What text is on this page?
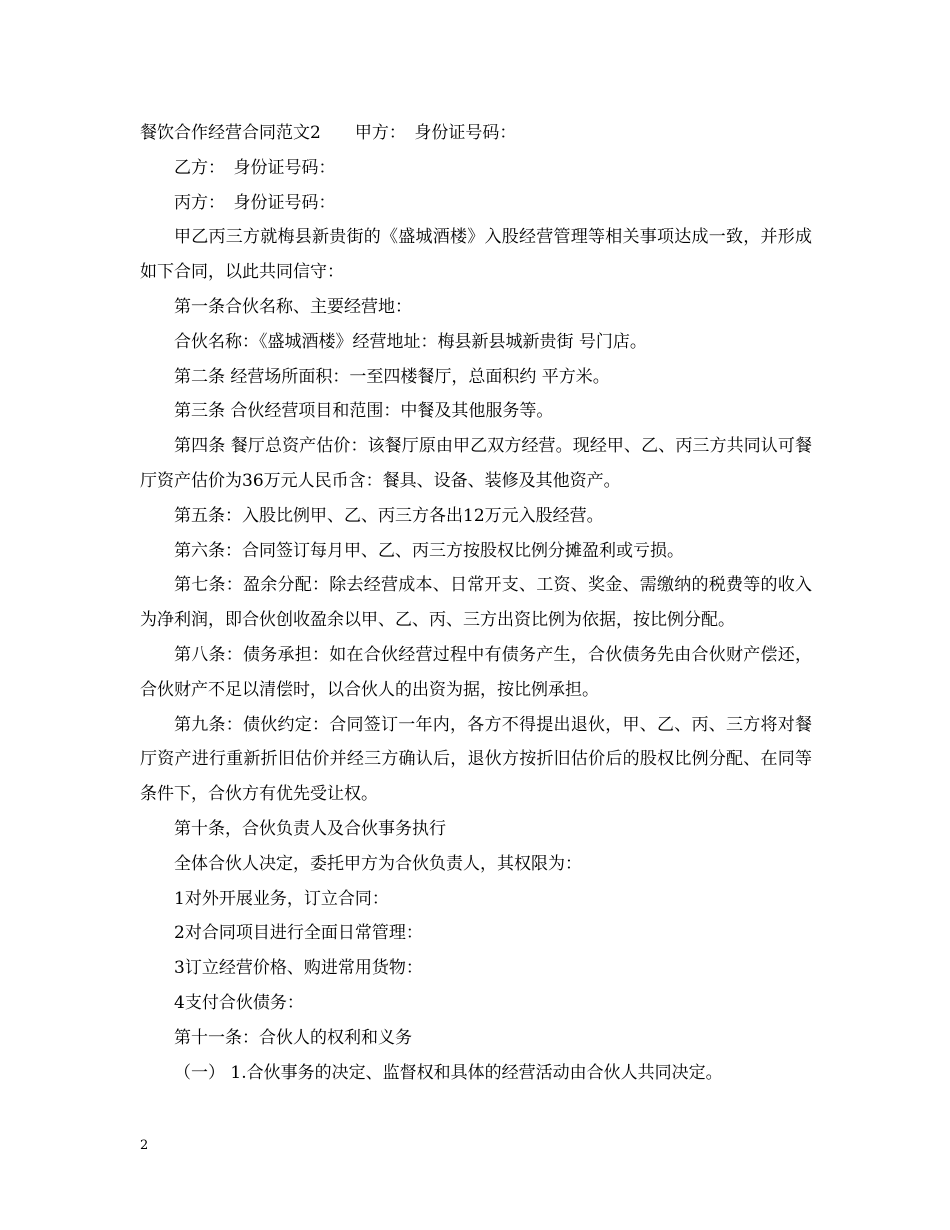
餐饮合作经营合同范文2　　甲方：　身份证号码：

乙方：　身份证号码：

丙方：　身份证号码：

甲乙丙三方就梅县新贵街的《盛城酒楼》入股经营管理等相关事项达成一致，并形成如下合同，以此共同信守：

第一条合伙名称、主要经营地：

合伙名称：《盛城酒楼》经营地址：梅县新县城新贵街 号门店。

第二条 经营场所面积：一至四楼餐厅，总面积约 平方米。

第三条 合伙经营项目和范围：中餐及其他服务等。

第四条 餐厅总资产估价：该餐厅原由甲乙双方经营。现经甲、乙、丙三方共同认可餐厅资产估价为36万元人民币含：餐具、设备、装修及其他资产。

第五条：入股比例甲、乙、丙三方各出12万元入股经营。

第六条：合同签订每月甲、乙、丙三方按股权比例分摊盈利或亏损。

第七条：盈余分配：除去经营成本、日常开支、工资、奖金、需缴纳的税费等的收入为净利润，即合伙创收盈余以甲、乙、丙、三方出资比例为依据，按比例分配。

第八条：债务承担：如在合伙经营过程中有债务产生，合伙债务先由合伙财产偿还，合伙财产不足以清偿时，以合伙人的出资为据，按比例承担。

第九条：债伙约定：合同签订一年内，各方不得提出退伙，甲、乙、丙、三方将对餐厅资产进行重新折旧估价并经三方确认后，退伙方按折旧估价后的股权比例分配、在同等条件下，合伙方有优先受让权。

第十条，合伙负责人及合伙事务执行

全体合伙人决定，委托甲方为合伙负责人，其权限为：

1对外开展业务，订立合同：

2对合同项目进行全面日常管理：

3订立经营价格、购进常用货物：

4支付合伙债务：

第十一条：合伙人的权利和义务

（一） 1.合伙事务的决定、监督权和具体的经营活动由合伙人共同决定。

2
